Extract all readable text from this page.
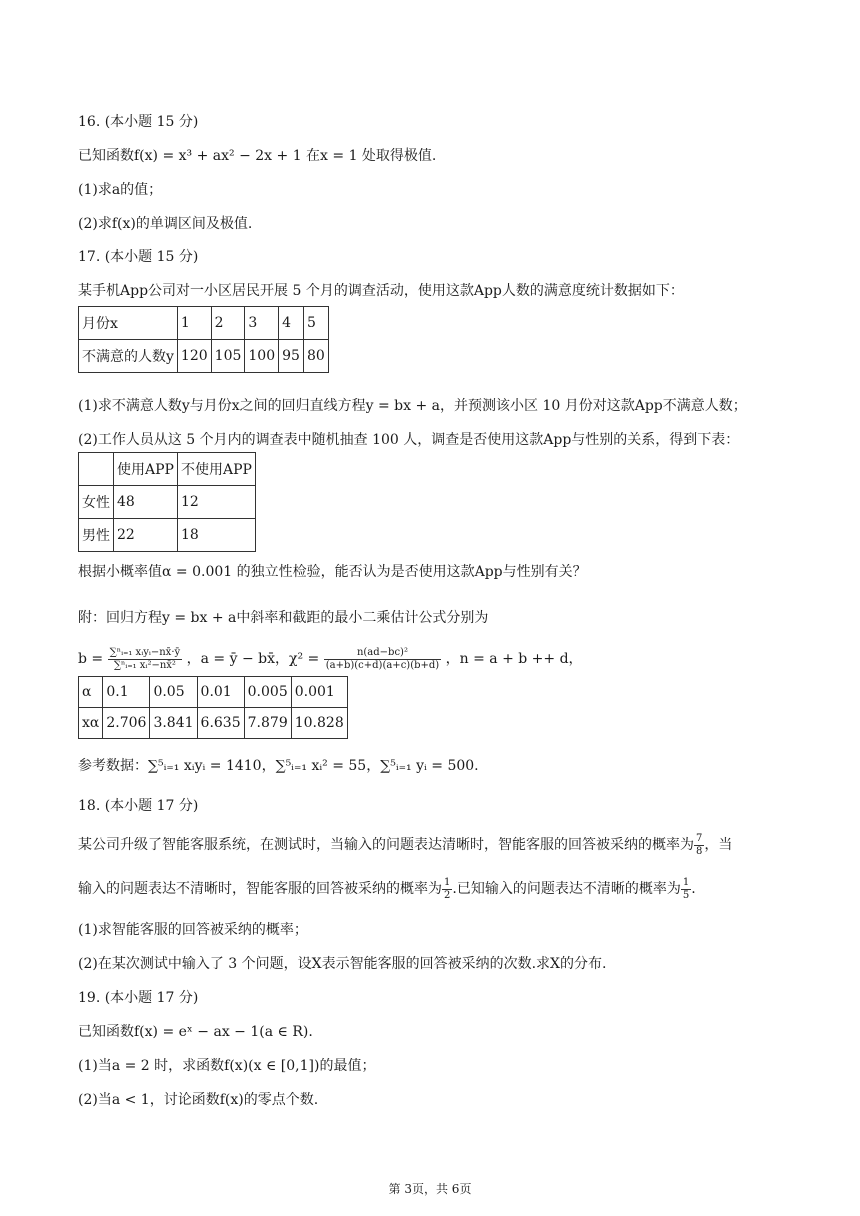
16. (本小题 15 分)
已知函数f(x) = x³ + ax² − 2x + 1 在x = 1 处取得极值.
(1)求a的值；
(2)求f(x)的单调区间及极值.
17. (本小题 15 分)
某手机App公司对一小区居民开展 5 个月的调查活动，使用这款App人数的满意度统计数据如下：
月份x	1	2	3	4	5
不满意的人数y	120	105	100	95	80
(1)求不满意人数y与月份x之间的回归直线方程y = bx + a，并预测该小区 10 月份对这款App不满意人数；
(2)工作人员从这 5 个月内的调查表中随机抽查 100 人，调查是否使用这款App与性别的关系，得到下表：
	使用APP	不使用APP
女性	48	12
男性	22	18
根据小概率值α = 0.001 的独立性检验，能否认为是否使用这款App与性别有关？
附：回归方程y = bx + a中斜率和截距的最小二乘估计公式分别为
$b = \frac{\text{∑ⁿᵢ₌₁ xᵢyᵢ−nx̄·ȳ}}{\text{∑ⁿᵢ₌₁ xᵢ²−nx̄²}}$ ，a = ȳ − bx̄，$\chi^2 = \frac{\text{n(ad−bc)²}}{(a+b)(c+d)(a+c)(b+d)}$ ，n = a + b ++ d，
α	0.1	0.05	0.01	0.005	0.001
xα	2.706	3.841	6.635	7.879	10.828
参考数据：∑⁵ᵢ₌₁ xᵢyᵢ = 1410，∑⁵ᵢ₌₁ xᵢ² = 55，∑⁵ᵢ₌₁ yᵢ = 500.
18. (本小题 17 分)
某公司升级了智能客服系统，在测试时，当输入的问题表达清晰时，智能客服的回答被采纳的概率为 $\frac{7}{8}$ ，当
输入的问题表达不清晰时，智能客服的回答被采纳的概率为 $\frac{1}{2}$ .已知输入的问题表达不清晰的概率为 $\frac{1}{5}$ .
(1)求智能客服的回答被采纳的概率；
(2)在某次测试中输入了 3 个问题，设X表示智能客服的回答被采纳的次数.求X的分布.
19. (本小题 17 分)
已知函数f(x) = eˣ − ax − 1(a ∈ R).
(1)当a = 2 时，求函数f(x)(x ∈ [0,1])的最值；
(2)当a < 1，讨论函数f(x)的零点个数.
第 3页，共 6页
